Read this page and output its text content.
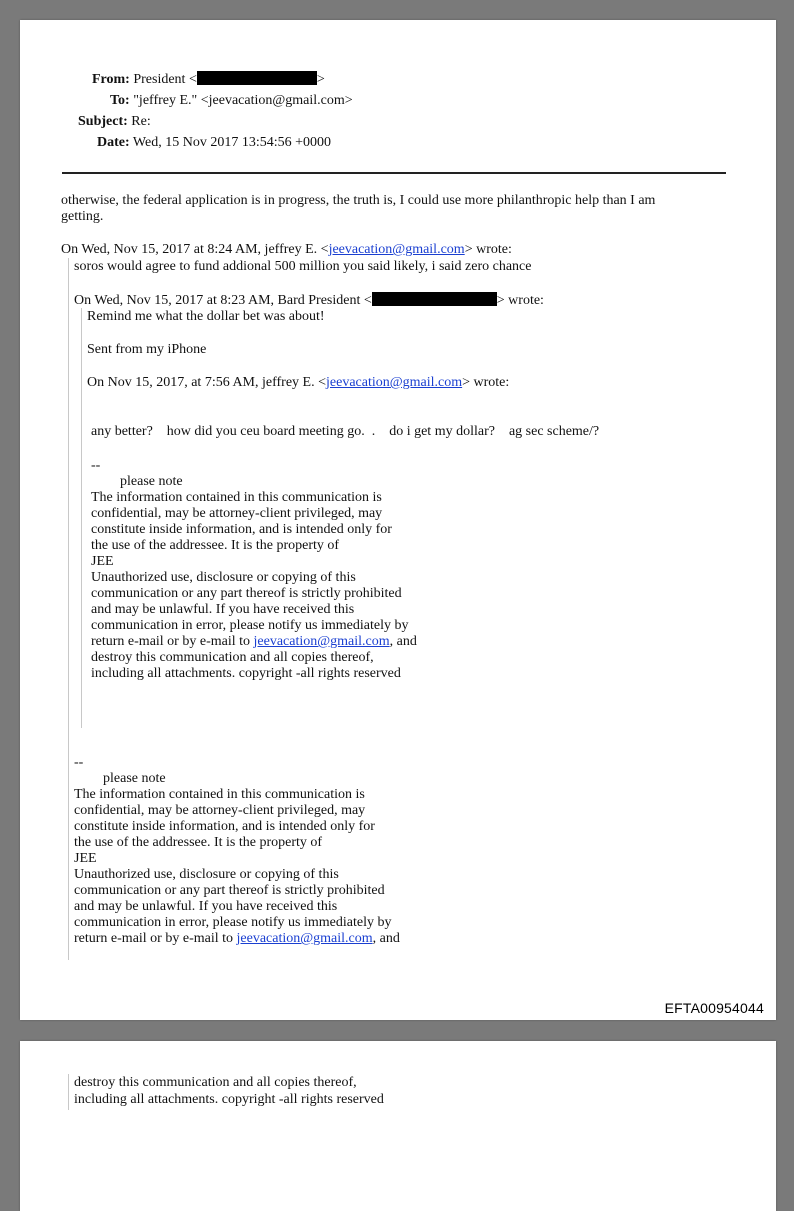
From: President <	>
To: "jeffrey E." <jeevacation@gmail.com>
Subject: Re:
Date: Wed, 15 Nov 2017 13:54:56 +0000
otherwise, the federal application is in progress, the truth is, I could use more philanthropic help than I am
getting.
On Wed, Nov 15, 2017 at 8:24 AM, jeffrey E. <jeevacation@gmail.com> wrote:
soros would agree to fund addional 500 million you said likely, i said zero chance
On Wed, Nov 15, 2017 at 8:23 AM, Bard President <	> wrote:
Remind me what the dollar bet was about!
Sent from my iPhone
On Nov 15, 2017, at 7:56 AM, jeffrey E. <jeevacation@gmail.com> wrote:
any better?    how did you ceu board meeting go.  .    do i get my dollar?    ag sec scheme/?
--
please note
The information contained in this communication is
confidential, may be attorney-client privileged, may
constitute inside information, and is intended only for
the use of the addressee. It is the property of
JEE
Unauthorized use, disclosure or copying of this
communication or any part thereof is strictly prohibited
and may be unlawful. If you have received this
communication in error, please notify us immediately by
return e-mail or by e-mail to jeevacation@gmail.com, and
destroy this communication and all copies thereof,
including all attachments. copyright -all rights reserved
--
please note
The information contained in this communication is
confidential, may be attorney-client privileged, may
constitute inside information, and is intended only for
the use of the addressee. It is the property of
JEE
Unauthorized use, disclosure or copying of this
communication or any part thereof is strictly prohibited
and may be unlawful. If you have received this
communication in error, please notify us immediately by
return e-mail or by e-mail to jeevacation@gmail.com, and
EFTA00954044
destroy this communication and all copies thereof,
including all attachments. copyright -all rights reserved
